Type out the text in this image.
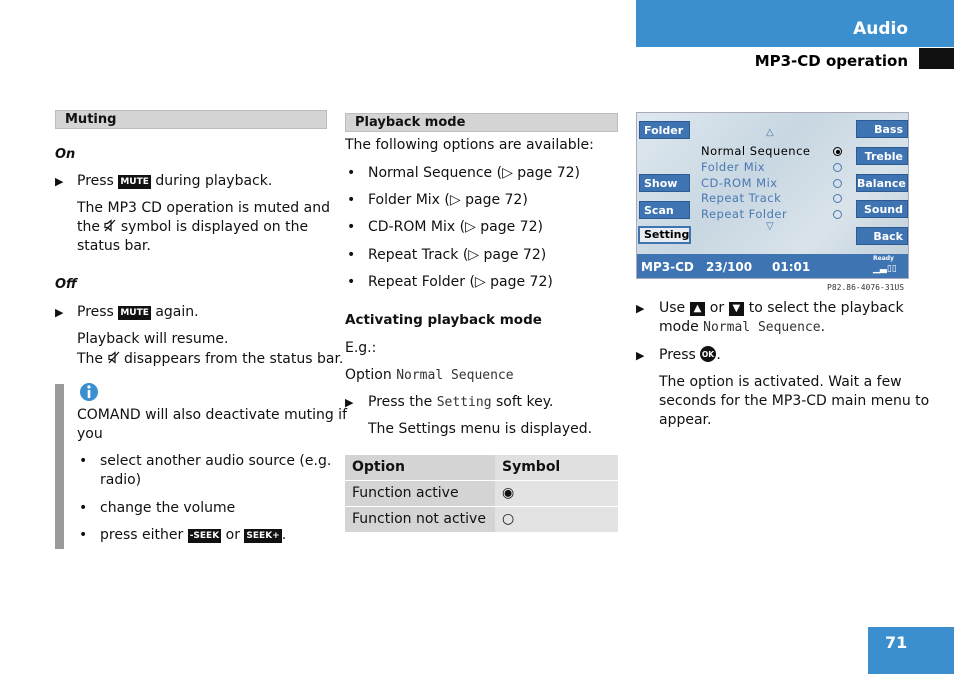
Audio
MP3-CD operation
Muting
On
▶ Press MUTE during playback.
The MP3 CD operation is muted and
the symbol is displayed on the
status bar.
Off
▶ Press MUTE again.
Playback will resume.
The disappears from the status bar.
COMAND will also deactivate muting if
you
• select another audio source (e.g.
radio)
• change the volume
• press either -SEEK or SEEK+ .
Playback mode
The following options are available:
• Normal Sequence (▷ page 72)
• Folder Mix (▷ page 72)
• CD-ROM Mix (▷ page 72)
• Repeat Track (▷ page 72)
• Repeat Folder (▷ page 72)
Activating playback mode
E.g.:
Option Normal Sequence
▶ Press the Setting soft key.
The Settings menu is displayed.
Option	Symbol
Function active	◉
Function not active	○
Folder
Show
Scan
Setting
Bass
Treble
Balance
Sound
Back
△
Normal Sequence
Folder Mix
CD-ROM Mix
Repeat Track
Repeat Folder
▽
MP3-CD 23/100 01:01
Ready
▁▃▯▯
P82.86-4076-31US
▶ Use ▲ or ▼ to select the playback
mode Normal Sequence.
▶ Press OK .
The option is activated. Wait a few
seconds for the MP3-CD main menu to
appear.
71
